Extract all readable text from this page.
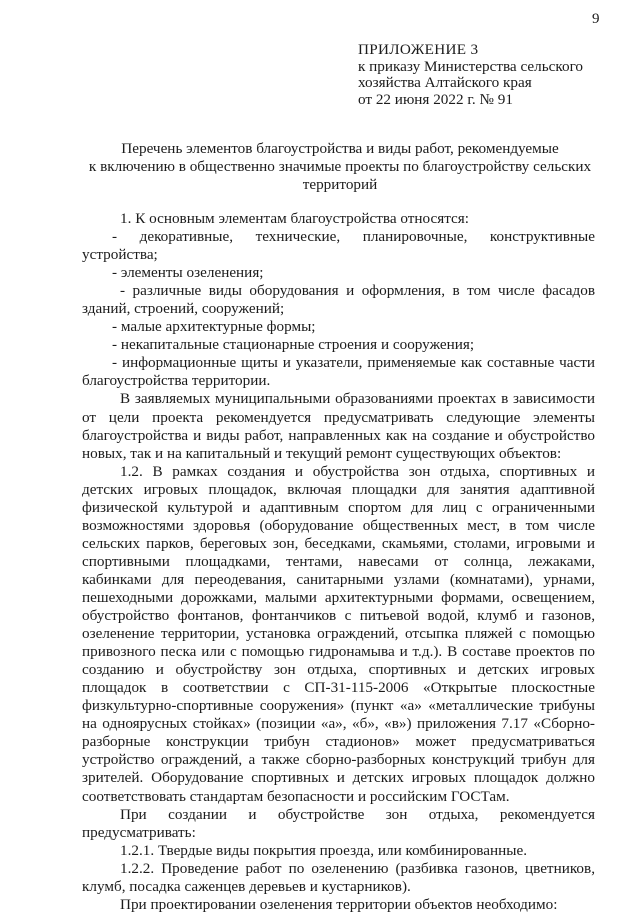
9
ПРИЛОЖЕНИЕ 3
к приказу Министерства сельского
хозяйства Алтайского края
от 22 июня 2022 г. № 91
Перечень элементов благоустройства и виды работ, рекомендуемые
к включению в общественно значимые проекты по благоустройству сельских
территорий

1. К основным элементам благоустройства относятся:

- декоративные, технические, планировочные, конструктивные устройства;

- элементы озеленения;

- различные виды оборудования и оформления, в том числе фасадов зданий, строений, сооружений;

- малые архитектурные формы;

- некапитальные стационарные строения и сооружения;

- информационные щиты и указатели, применяемые как составные части благоустройства территории.

В заявляемых муниципальными образованиями проектах в зависимости от цели проекта рекомендуется предусматривать следующие элементы благоустройства и виды работ, направленных как на создание и обустройство новых, так и на капитальный и текущий ремонт существующих объектов:

1.2. В рамках создания и обустройства зон отдыха, спортивных и детских игровых площадок, включая площадки для занятия адаптивной физической культурой и адаптивным спортом для лиц с ограниченными возможностями здоровья (оборудование общественных мест, в том числе сельских парков, береговых зон, беседками, скамьями, столами, игровыми и спортивными площадками, тентами, навесами от солнца, лежаками, кабинками для переодевания, санитарными узлами (комнатами), урнами, пешеходными дорожками, малыми архитектурными формами, освещением, обустройство фонтанов, фонтанчиков с питьевой водой, клумб и газонов, озеленение территории, установка ограждений, отсыпка пляжей с помощью привозного песка или с помощью гидронамыва и т.д.). В составе проектов по созданию и обустройству зон отдыха, спортивных и детских игровых площадок в соответствии с СП-31-115-2006 «Открытые плоскостные физкультурно-спортивные сооружения» (пункт «а» «металлические трибуны на одноярусных стойках» (позиции «а», «б», «в») приложения 7.17 «Сборно-разборные конструкции трибун стадионов» может предусматриваться устройство ограждений, а также сборно-разборных конструкций трибун для зрителей. Оборудование спортивных и детских игровых площадок должно соответствовать стандартам безопасности и российским ГОСТам.

При создании и обустройстве зон отдыха, рекомендуется предусматривать:

1.2.1. Твердые виды покрытия проезда, или комбинированные.

1.2.2. Проведение работ по озеленению (разбивка газонов, цветников, клумб, посадка саженцев деревьев и кустарников).

При проектировании озеленения территории объектов необходимо:
